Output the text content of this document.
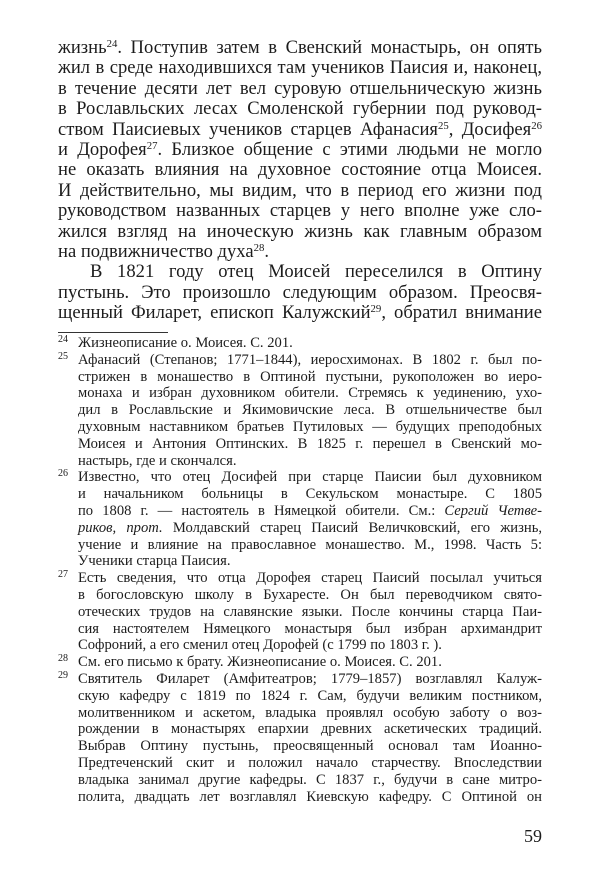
жизнь$^{24}$. Поступив затем в Свенский монастырь, он опять
жил в среде находившихся там учеников Паисия и, наконец,
в течение десяти лет вел суровую отшельническую жизнь
в Рославльских лесах Смоленской губернии под руковод-
ством Паисиевых учеников старцев Афанасия$^{25}$, Досифея$^{26}$
и Дорофея$^{27}$. Близкое общение с этими людьми не могло
не оказать влияния на духовное состояние отца Моисея.
И действительно, мы видим, что в период его жизни под
руководством названных старцев у него вполне уже сло-
жился взгляд на иноческую жизнь как главным образом
на подвижничество духа$^{28}$.
В 1821 году отец Моисей переселился в Оптину
пустынь. Это произошло следующим образом. Преосвя-
щенный Филарет, епископ Калужский$^{29}$, обратил внимание
24 Жизнеописание о. Моисея. С. 201.
25 Афанасий (Степанов; 1771–1844), иеросхимонах. В 1802 г. был по-
стрижен в монашество в Оптиной пустыни, рукоположен во иеро-
монаха и избран духовником обители. Стремясь к уединению, ухо-
дил в Рославльские и Якимовичские леса. В отшельничестве был
духовным наставником братьев Путиловых — будущих преподобных
Моисея и Антония Оптинских. В 1825 г. перешел в Свенский мо-
настырь, где и скончался.
26 Известно, что отец Досифей при старце Паисии был духовником
и начальником больницы в Секульском монастыре. С 1805
по 1808 г. — настоятель в Нямецкой обители. См.: Сергий Четве-
риков, прот. Молдавский старец Паисий Величковский, его жизнь,
учение и влияние на православное монашество. М., 1998. Часть 5:
Ученики старца Паисия.
27 Есть сведения, что отца Дорофея старец Паисий посылал учиться
в богословскую школу в Бухаресте. Он был переводчиком свято-
отеческих трудов на славянские языки. После кончины старца Паи-
сия настоятелем Нямецкого монастыря был избран архимандрит
Софроний, а его сменил отец Дорофей (с 1799 по 1803 г. ).
28 См. его письмо к брату. Жизнеописание о. Моисея. С. 201.
29 Святитель Филарет (Амфитеатров; 1779–1857) возглавлял Калуж-
скую кафедру с 1819 по 1824 г. Сам, будучи великим постником,
молитвенником и аскетом, владыка проявлял особую заботу о воз-
рождении в монастырях епархии древних аскетических традиций.
Выбрав Оптину пустынь, преосвященный основал там Иоанно-
Предтеченский скит и положил начало старчеству. Впоследствии
владыка занимал другие кафедры. С 1837 г., будучи в сане митро-
полита, двадцать лет возглавлял Киевскую кафедру. С Оптиной он
59
